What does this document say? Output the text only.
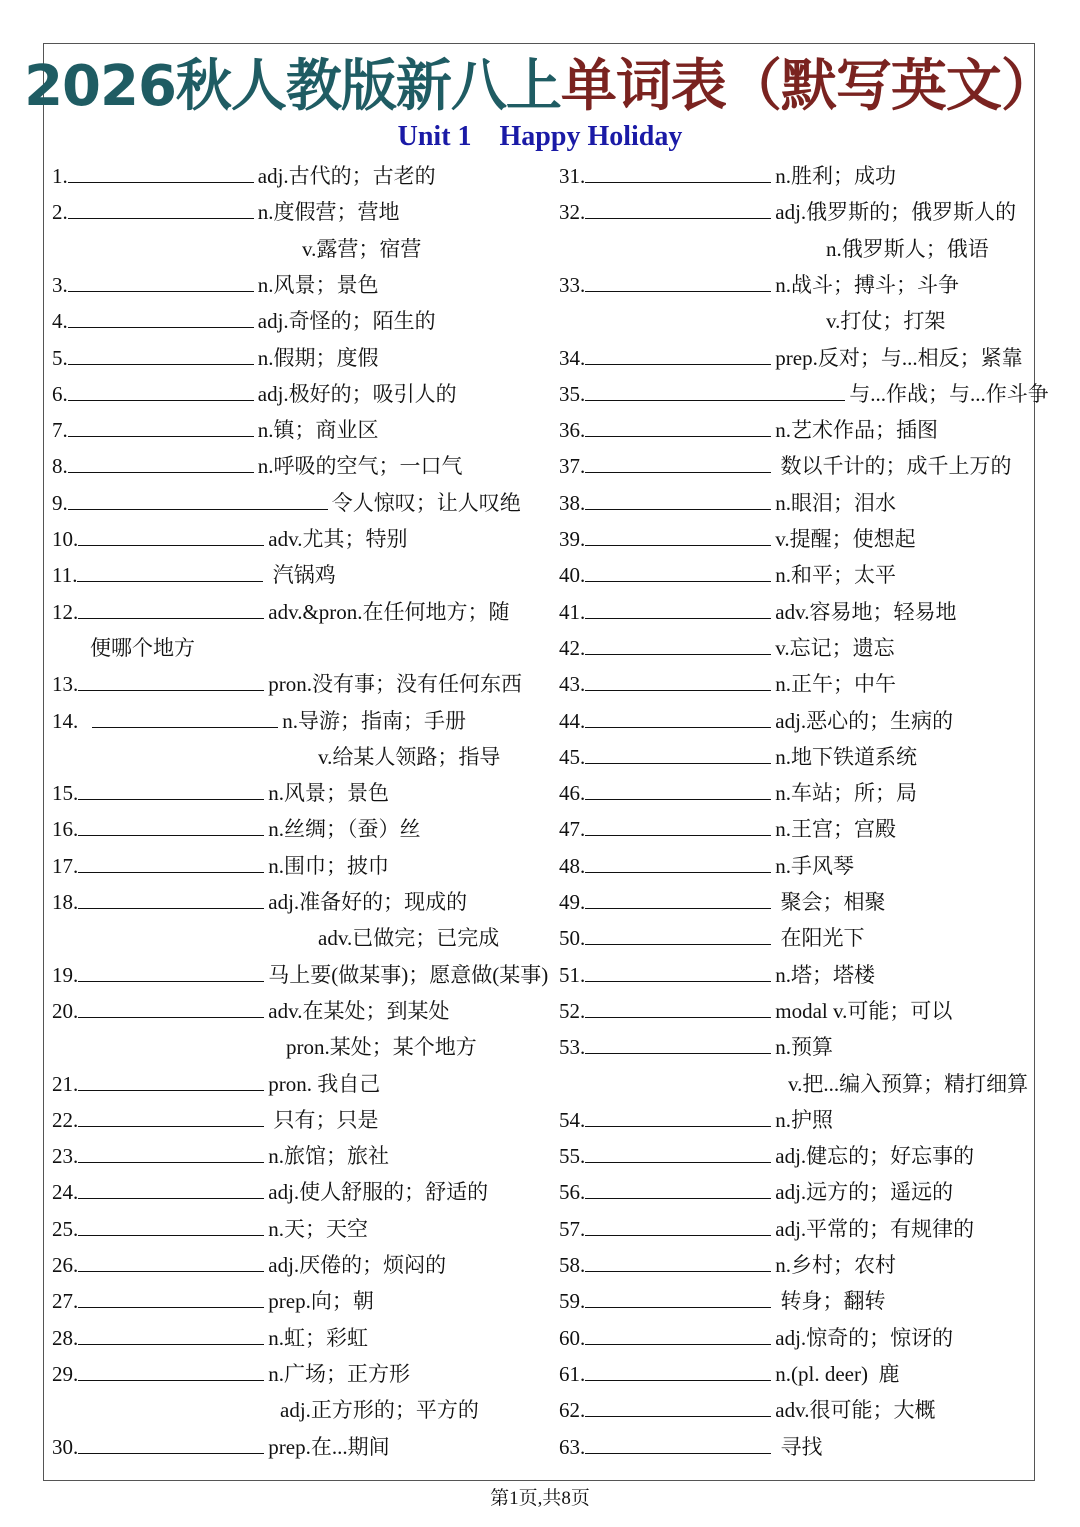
2026秋人教版新八上单词表（默写英文）
Unit 1    Happy Holiday
1.	adj.古代的；古老的
2.	n.度假营；营地
v.露营；宿营
3.	n.风景；景色
4.	adj.奇怪的；陌生的
5.	n.假期；度假
6.	adj.极好的；吸引人的
7.	n.镇；商业区
8.	n.呼吸的空气；一口气
9.	令人惊叹；让人叹绝
10.	adv.尤其；特别
11.	汽锅鸡
12.	adv.&pron.在任何地方；随
便哪个地方
13.	pron.没有事；没有任何东西
14.	n.导游；指南；手册
v.给某人领路；指导
15.	n.风景；景色
16.	n.丝绸；（蚕）丝
17.	n.围巾；披巾
18.	adj.准备好的；现成的
adv.已做完；已完成
19.	马上要(做某事)；愿意做(某事)
20.	adv.在某处；到某处
pron.某处；某个地方
21.	pron. 我自己
22.	只有；只是
23.	n.旅馆；旅社
24.	adj.使人舒服的；舒适的
25.	n.天；天空
26.	adj.厌倦的；烦闷的
27.	prep.向；朝
28.	n.虹；彩虹
29.	n.广场；正方形
adj.正方形的；平方的
30.	prep.在...期间
31.	n.胜利；成功
32.	adj.俄罗斯的；俄罗斯人的
n.俄罗斯人；俄语
33.	n.战斗；搏斗；斗争
v.打仗；打架
34.	prep.反对；与...相反；紧靠
35.	与...作战；与...作斗争
36.	n.艺术作品；插图
37.	数以千计的；成千上万的
38.	n.眼泪；泪水
39.	v.提醒；使想起
40.	n.和平；太平
41.	adv.容易地；轻易地
42.	v.忘记；遗忘
43.	n.正午；中午
44.	adj.恶心的；生病的
45.	n.地下铁道系统
46.	n.车站；所；局
47.	n.王宫；宫殿
48.	n.手风琴
49.	聚会；相聚
50.	在阳光下
51.	n.塔；塔楼
52.	modal v.可能；可以
53.	n.预算
v.把...编入预算；精打细算
54.	n.护照
55.	adj.健忘的；好忘事的
56.	adj.远方的；遥远的
57.	adj.平常的；有规律的
58.	n.乡村；农村
59.	转身；翻转
60.	adj.惊奇的；惊讶的
61.	n.(pl. deer)  鹿
62.	adv.很可能；大概
63.	寻找
第1页,共8页
